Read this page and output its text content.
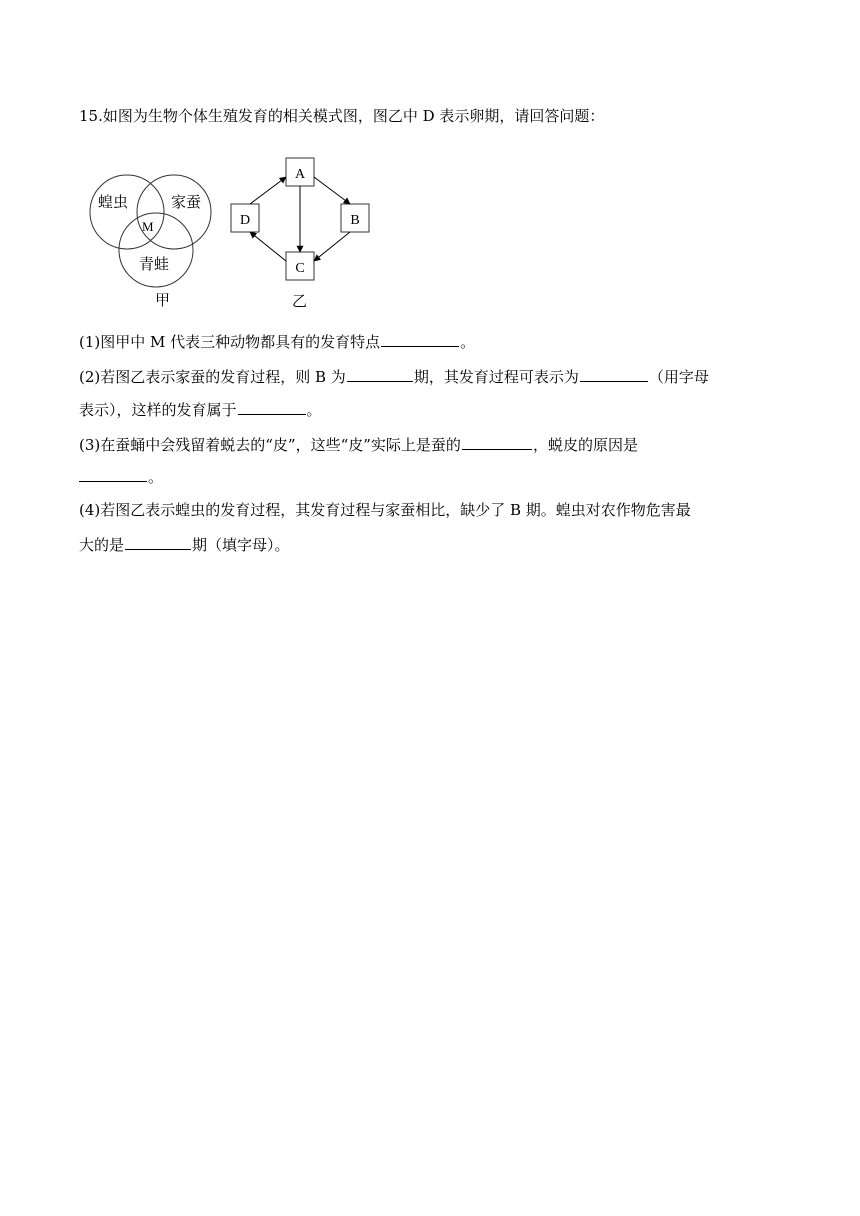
15.如图为生物个体生殖发育的相关模式图，图乙中 D 表示卵期，请回答问题：
蝗虫	家蚕
青蛙
M
甲
A
B
C
D
乙
(1)图甲中 M 代表三种动物都具有的发育特点	。
(2)若图乙表示家蚕的发育过程，则 B 为	期，其发育过程可表示为	（用字母
表示），这样的发育属于	。
(3)在蚕蛹中会残留着蜕去的“皮”，这些“皮”实际上是蚕的	，蜕皮的原因是
。
(4)若图乙表示蝗虫的发育过程，其发育过程与家蚕相比，缺少了 B 期。蝗虫对农作物危害最
大的是	期（填字母）。
